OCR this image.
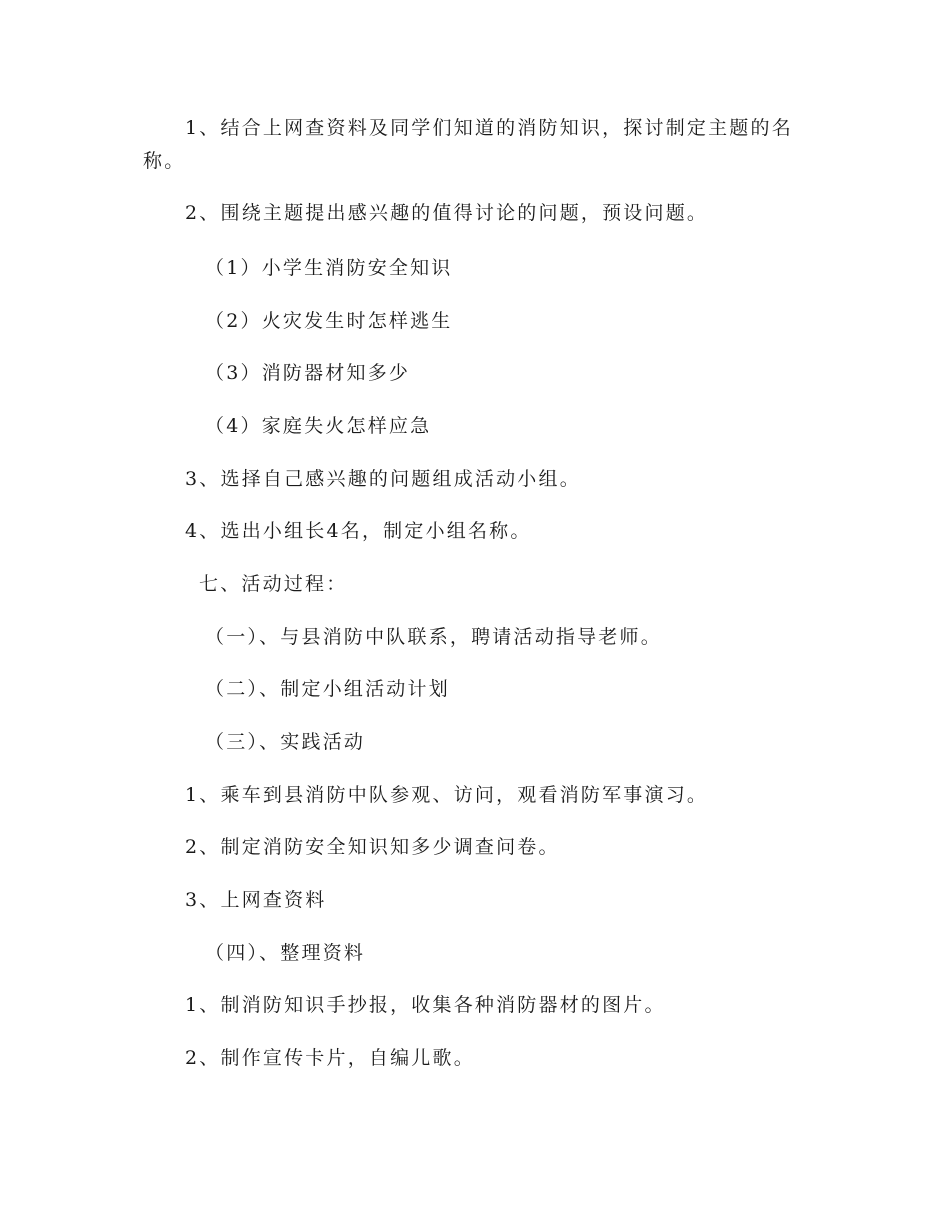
1、结合上网查资料及同学们知道的消防知识，探讨制定主题的名称。
2、围绕主题提出感兴趣的值得讨论的问题，预设问题。
（1）小学生消防安全知识
（2）火灾发生时怎样逃生
（3）消防器材知多少
（4）家庭失火怎样应急
3、选择自己感兴趣的问题组成活动小组。
4、选出小组长4名，制定小组名称。
七、活动过程：
（一）、与县消防中队联系，聘请活动指导老师。
（二）、制定小组活动计划
（三）、实践活动
1、乘车到县消防中队参观、访问，观看消防军事演习。
2、制定消防安全知识知多少调查问卷。
3、上网查资料
（四）、整理资料
1、制消防知识手抄报，收集各种消防器材的图片。
2、制作宣传卡片，自编儿歌。
